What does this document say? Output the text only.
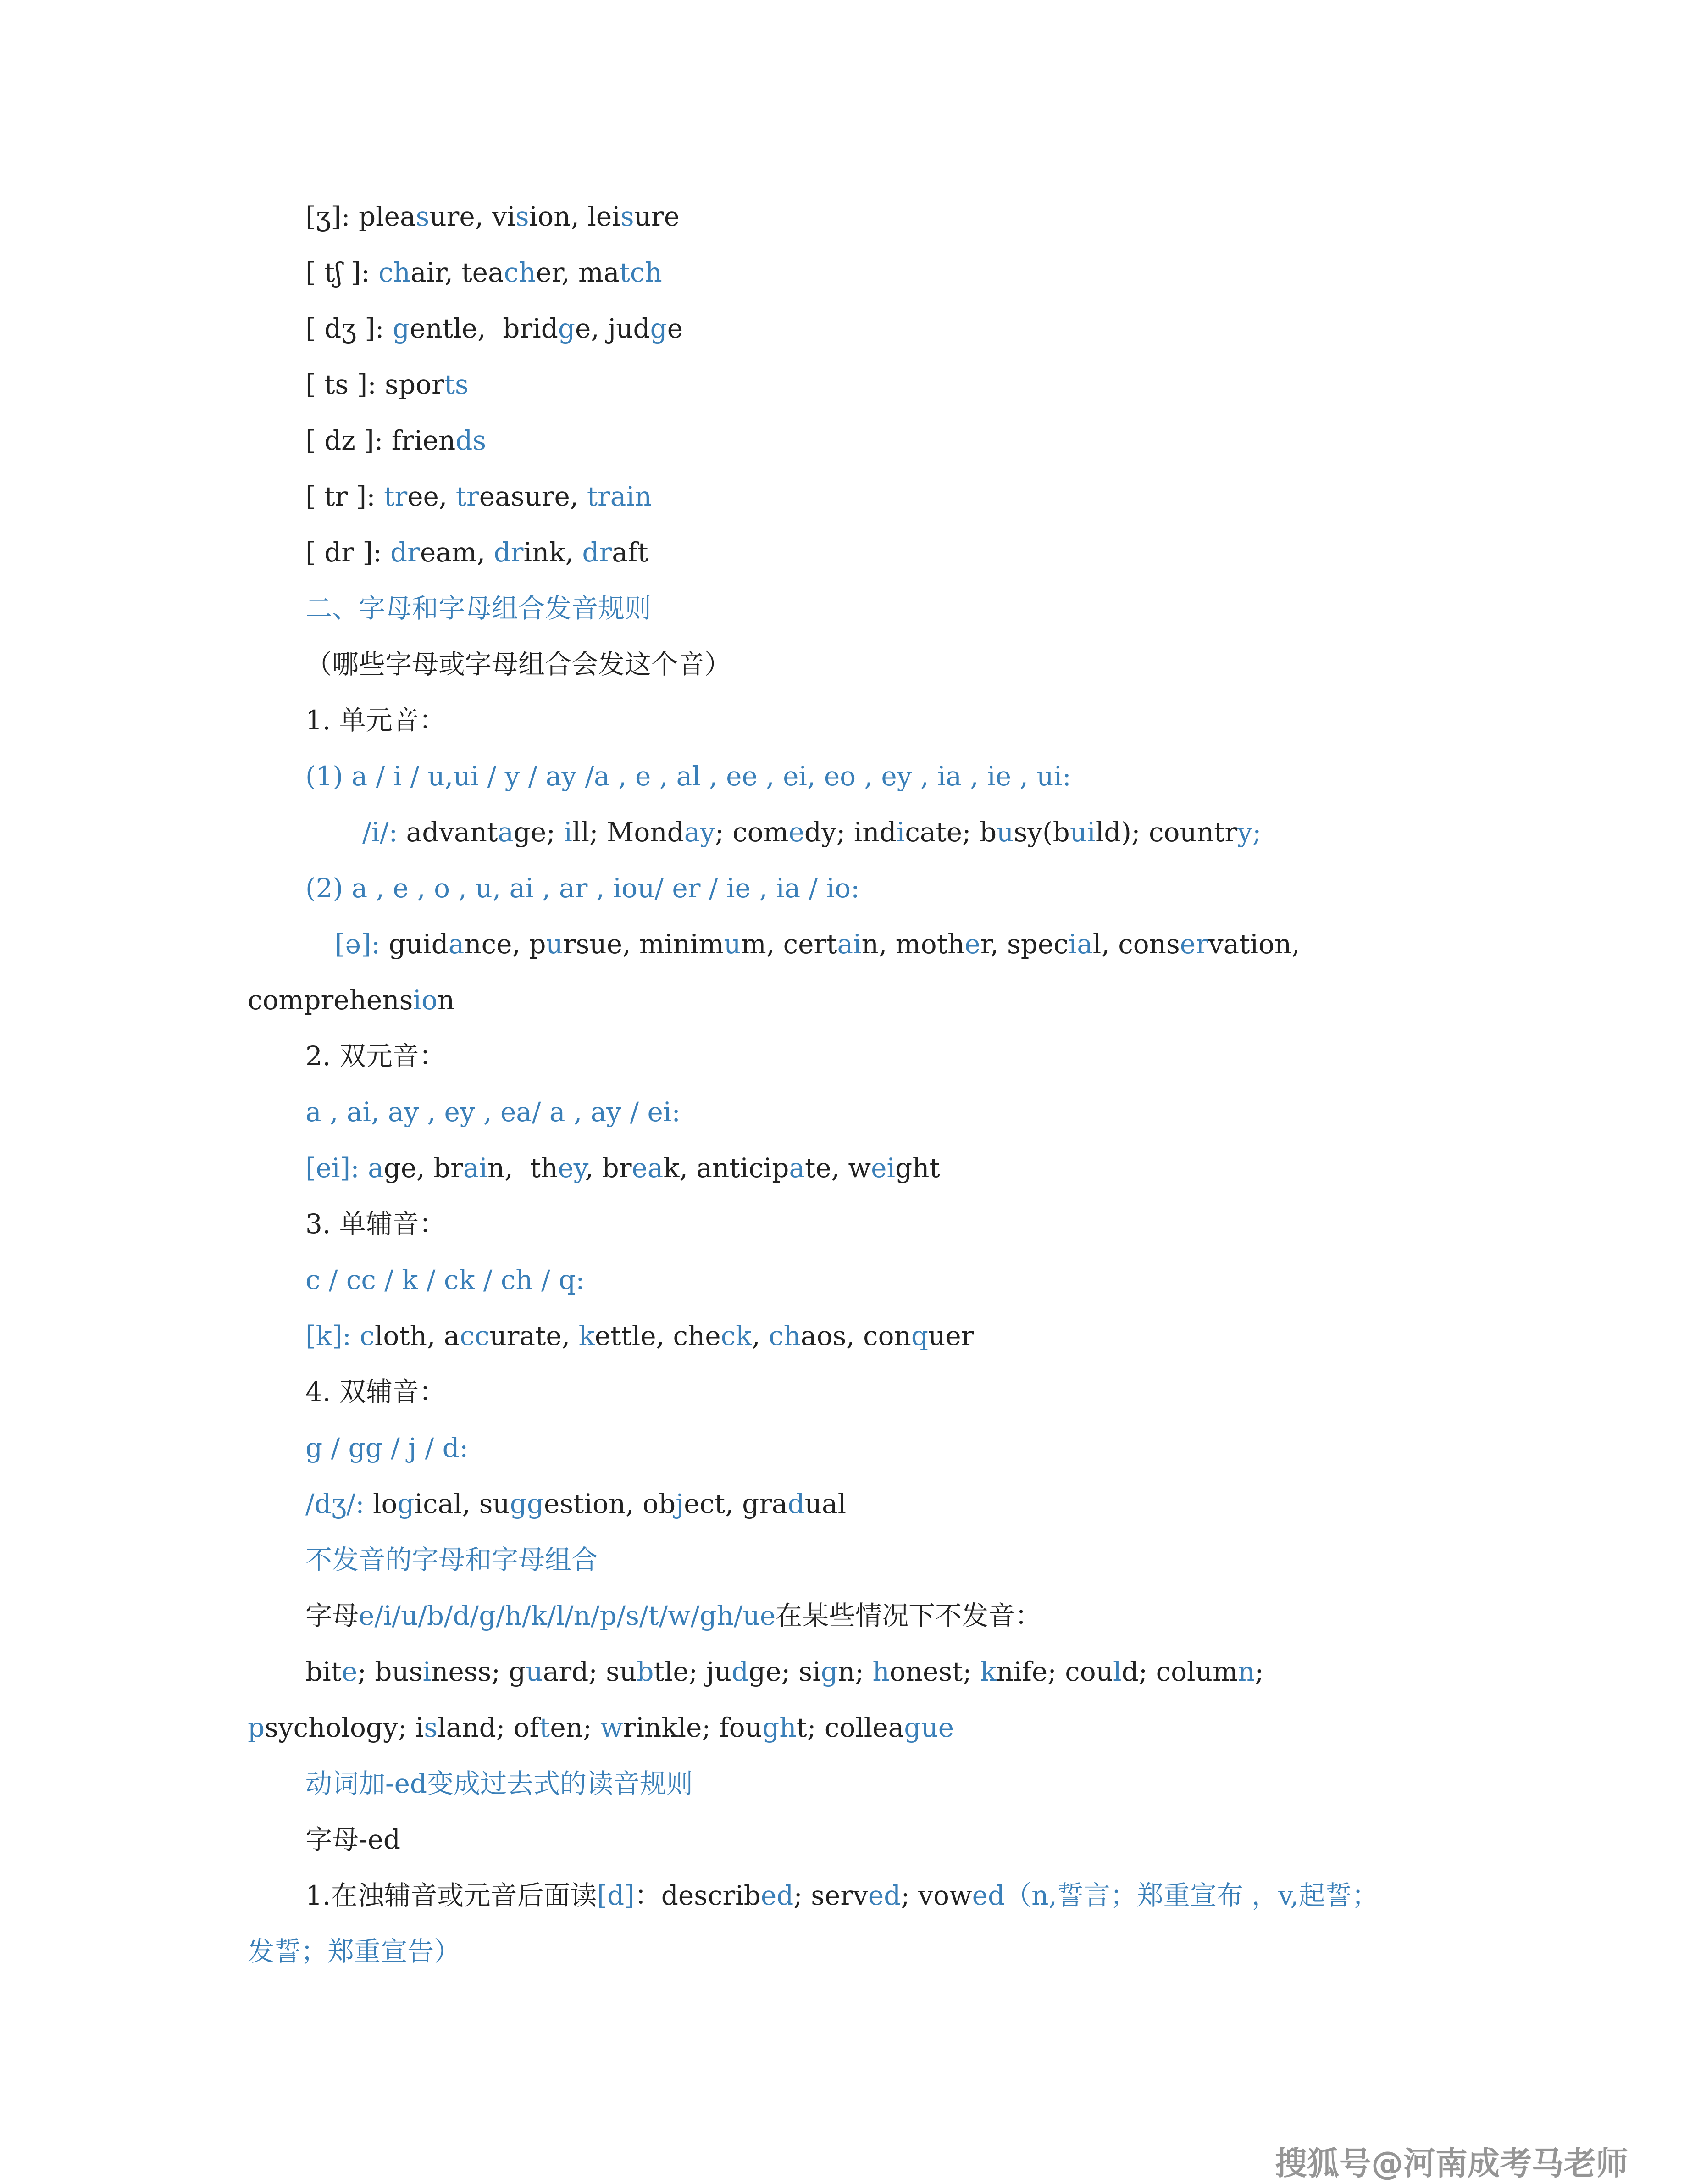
[ʒ]: pleasure, vision, leisure

[ tʃ ]: chair, teacher, match

[ dʒ ]: gentle,  bridge, judge

[ ts ]: sports

[ dz ]: friends

[ tr ]: tree, treasure, train

[ dr ]: dream, drink, draft

二、字母和字母组合发音规则

（哪些字母或字母组合会发这个音）

1. 单元音：

(1) a / i / u,ui / y / ay /a , e , al , ee , ei, eo , ey , ia , ie , ui:

/i/: advantage; ill; Monday; comedy; indicate; busy(build); country;

(2) a , e , o , u, ai , ar , iou/ er / ie , ia / io:

[ə]: guidance, pursue, minimum, certain, mother, special, conservation,

comprehension

2. 双元音：

a , ai, ay , ey , ea/ a , ay / ei:

[ei]: age, brain,  they, break, anticipate, weight

3. 单辅音：

c / cc / k / ck / ch / q:

[k]: cloth, accurate, kettle, check, chaos, conquer

4. 双辅音：

g / gg / j / d:

/dʒ/: logical, suggestion, object, gradual

不发音的字母和字母组合

字母e/i/u/b/d/g/h/k/l/n/p/s/t/w/gh/ue在某些情况下不发音：

bite; business; guard; subtle; judge; sign; honest; knife; could; column;

psychology; island; often; wrinkle; fought; colleague

动词加-ed变成过去式的读音规则

字母-ed

1.在浊辅音或元音后面读[d]：described; served; vowed（n,誓言；郑重宣布 ，v,起誓；

发誓；郑重宣告）

搜狐号@河南成考马老师
